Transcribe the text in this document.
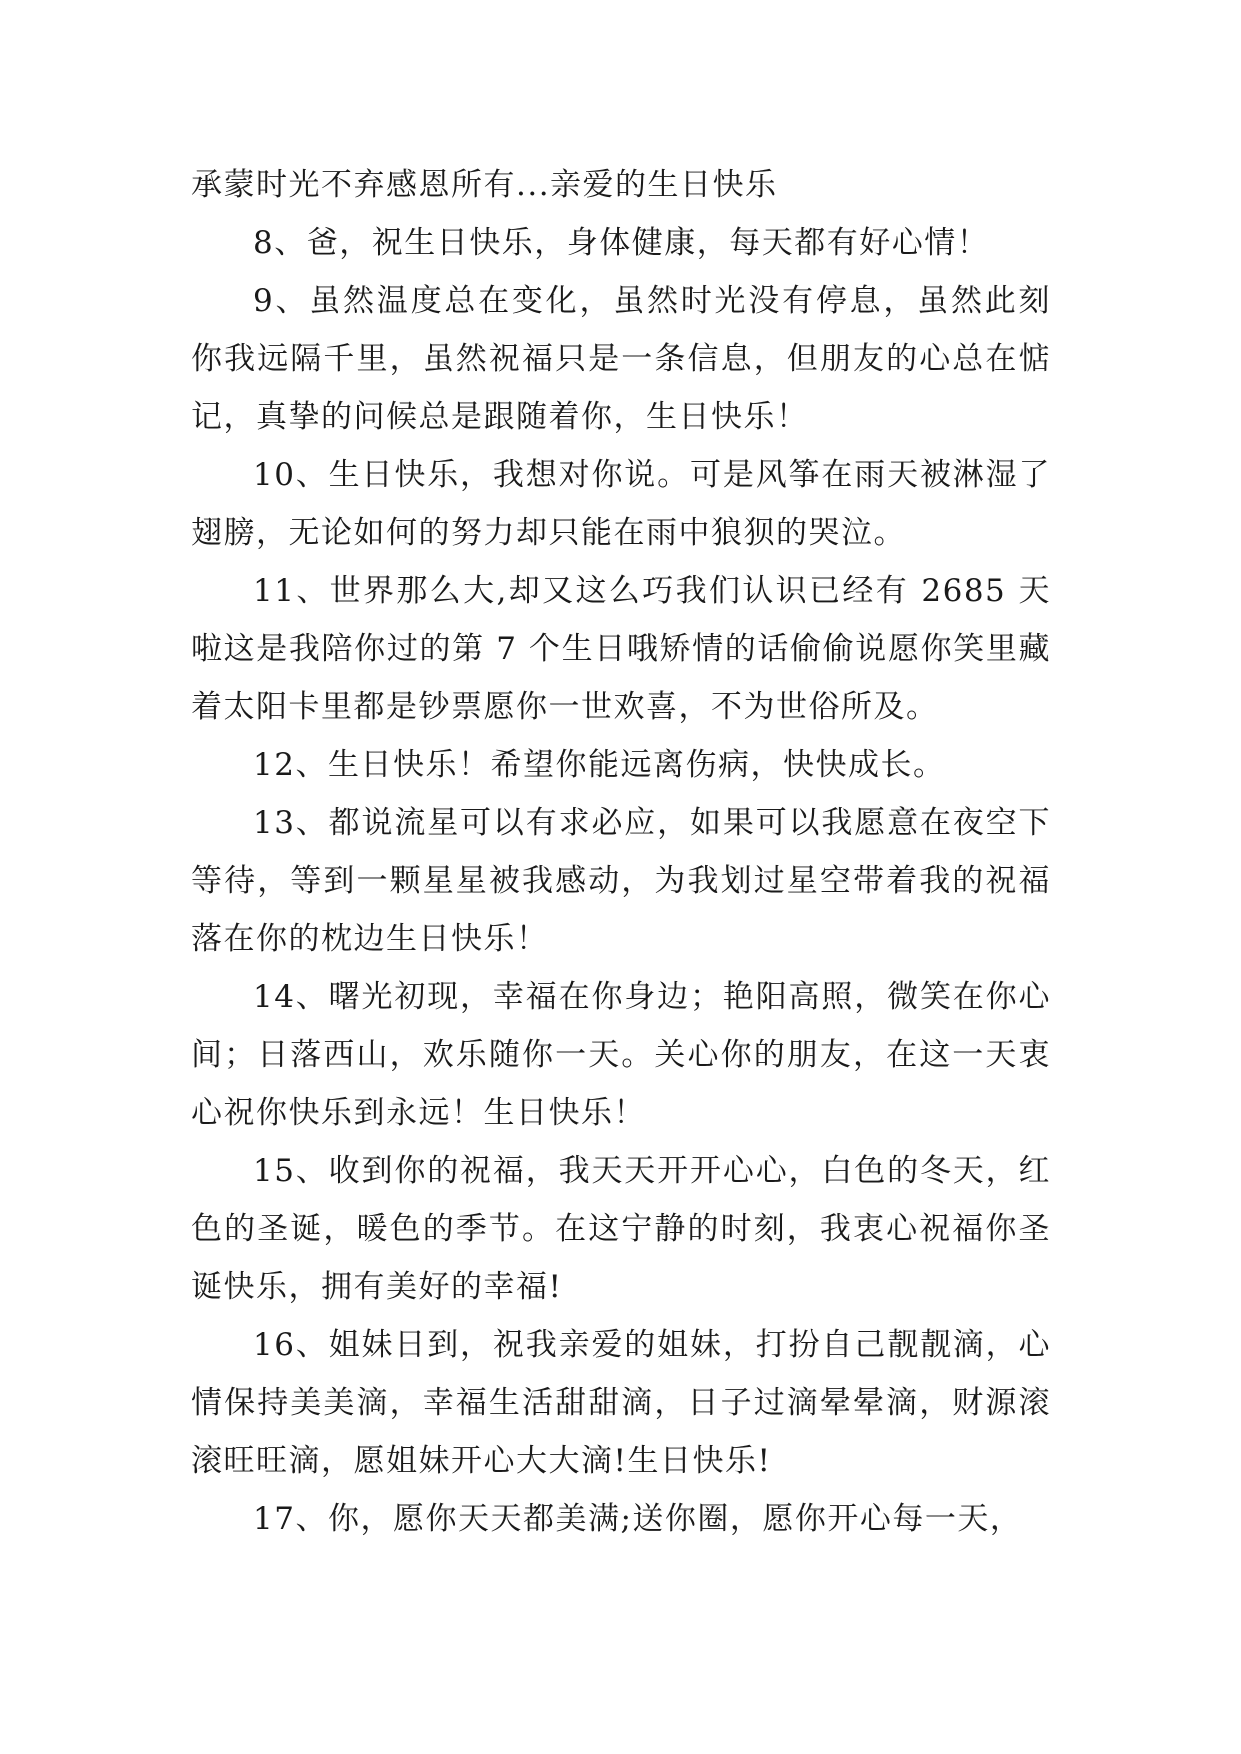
承蒙时光不弃感恩所有...亲爱的生日快乐

8、爸，祝生日快乐，身体健康，每天都有好心情！

9、虽然温度总在变化，虽然时光没有停息，虽然此刻你我远隔千里，虽然祝福只是一条信息，但朋友的心总在惦记，真挚的问候总是跟随着你，生日快乐！

10、生日快乐，我想对你说。可是风筝在雨天被淋湿了翅膀，无论如何的努力却只能在雨中狼狈的哭泣。

11、世界那么大,却又这么巧我们认识已经有 2685 天啦这是我陪你过的第 7 个生日哦矫情的话偷偷说愿你笑里藏着太阳卡里都是钞票愿你一世欢喜，不为世俗所及。

12、生日快乐！希望你能远离伤病，快快成长。

13、都说流星可以有求必应，如果可以我愿意在夜空下等待，等到一颗星星被我感动，为我划过星空带着我的祝福落在你的枕边生日快乐！

14、曙光初现，幸福在你身边；艳阳高照，微笑在你心间；日落西山，欢乐随你一天。关心你的朋友，在这一天衷心祝你快乐到永远！生日快乐！

15、收到你的祝福，我天天开开心心，白色的冬天，红色的圣诞，暖色的季节。在这宁静的时刻，我衷心祝福你圣诞快乐，拥有美好的幸福!

16、姐妹日到，祝我亲爱的姐妹，打扮自己靓靓滴，心情保持美美滴，幸福生活甜甜滴，日子过滴晕晕滴，财源滚滚旺旺滴，愿姐妹开心大大滴!生日快乐!

17、你，愿你天天都美满;送你圈，愿你开心每一天，
